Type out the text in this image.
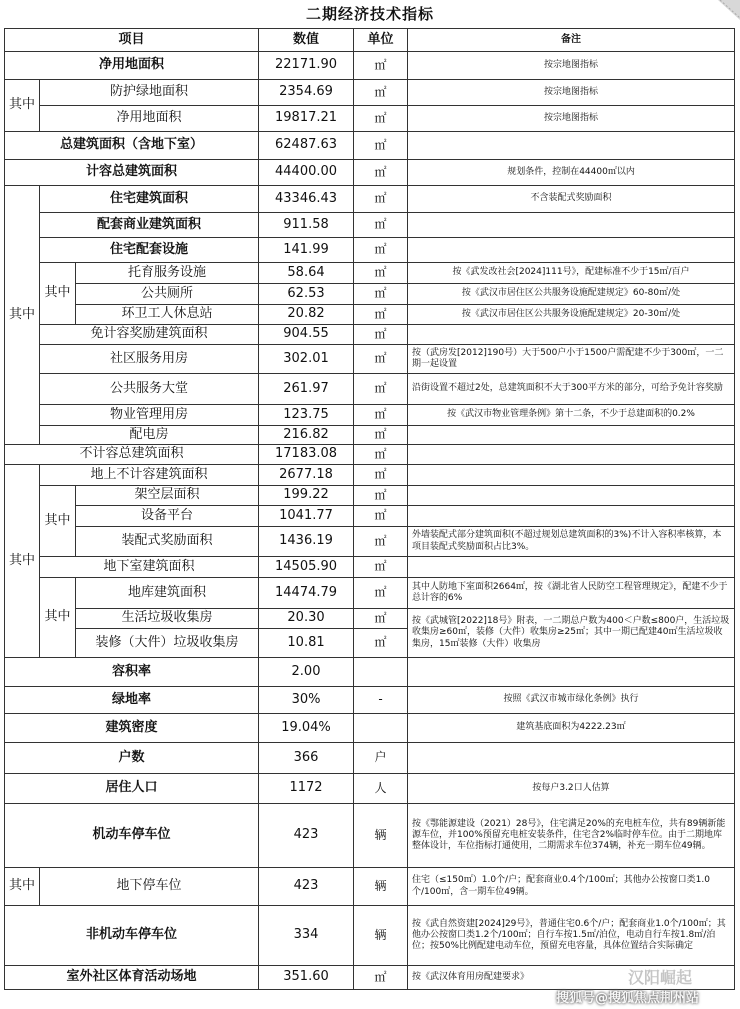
二期经济技术指标
项目			数值	单位	备注
净用地面积			22171.90	㎡	按宗地图指标
其中	防护绿地面积		2354.69	㎡	按宗地图指标
	净用地面积		19817.21	㎡	按宗地图指标
总建筑面积（含地下室）			62487.63	㎡	
计容总建筑面积			44400.00	㎡	规划条件，控制在44400㎡以内
其中	住宅建筑面积		43346.43	㎡	不含装配式奖励面积
	配套商业建筑面积		911.58	㎡	
	住宅配套设施		141.99	㎡	
	其中	托育服务设施	58.64	㎡	按《武发改社会[2024]111号》，配建标准不少于15㎡/百户
		公共厕所	62.53	㎡	按《武汉市居住区公共服务设施配建规定》60-80㎡/处
		环卫工人休息站	20.82	㎡	按《武汉市居住区公共服务设施配建规定》20-30㎡/处
	免计容奖励建筑面积		904.55	㎡	
	社区服务用房		302.01	㎡	按（武房发[2012]190号）大于500户小于1500户需配建不少于300㎡，一二期一起设置
	公共服务大堂		261.97	㎡	沿街设置不超过2处，总建筑面积不大于300平方米的部分，可给予免计容奖励
	物业管理用房		123.75	㎡	按《武汉市物业管理条例》第十二条，不少于总建面积的0.2%
	配电房		216.82	㎡	
不计容总建筑面积			17183.08	㎡	
其中	地上不计容建筑面积		2677.18	㎡	
	其中	架空层面积	199.22	㎡	
		设备平台	1041.77	㎡	
		装配式奖励面积	1436.19	㎡	外墙装配式部分建筑面积(不超过规划总建筑面积的3%)不计入容积率核算，本项目装配式奖励面积占比3%。
	地下室建筑面积		14505.90	㎡	
	其中	地库建筑面积	14474.79	㎡	其中人防地下室面积2664㎡，按《湖北省人民防空工程管理规定》，配建不少于总计容的6%
		生活垃圾收集房	20.30	㎡	按《武城管[2022]18号》附表，一二期总户数为400＜户数≤800户，生活垃圾收集房≥60㎡，装修（大件）收集房≥25㎡；其中一期已配建40㎡生活垃圾收集房，15㎡装修（大件）收集房
		装修（大件）垃圾收集房	10.81	㎡	
容积率			2.00		
绿地率			30%	-	按照《武汉市城市绿化条例》执行
建筑密度			19.04%		建筑基底面积为4222.23㎡
户数			366	户	
居住人口			1172	人	按每户3.2口人估算
机动车停车位			423	辆	按《鄂能源建设（2021）28号》，住宅满足20%的充电桩车位，共有89辆新能源车位，并100%预留充电桩安装条件，住宅含2%临时停车位。由于二期地库整体设计，车位指标打通使用，二期需求车位374辆，补充一期车位49辆。
其中	地下停车位		423	辆	住宅（≤150㎡）1.0个/户；配套商业0.4个/100㎡；其他办公按窗口类1.0个/100㎡，含一期车位49辆。
非机动车停车位			334	辆	按《武自然资建[2024]29号》，普通住宅0.6个/户；配套商业1.0个/100㎡；其他办公按窗口类1.2个/100㎡；自行车按1.5㎡/泊位，电动自行车按1.8㎡/泊位；按50%比例配建电动车位，预留充电容量，具体位置结合实际确定
室外社区体育活动场地			351.60	㎡	按《武汉体育用房配建要求》	汉阳崛起
搜狐号@搜狐焦点荆州站
